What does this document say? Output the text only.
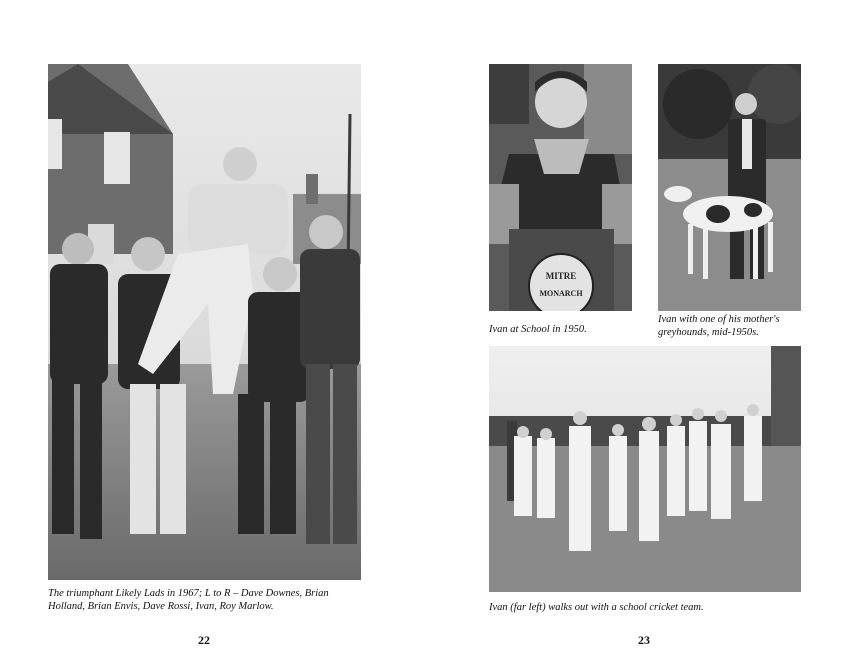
The triumphant Likely Lads in 1967; L to R – Dave Downes, Brian
Holland, Brian Envis, Dave Rossi, Ivan, Roy Marlow.
22
MITRE
MONARCH
Ivan at School in 1950.
Ivan with one of his mother's
greyhounds, mid-1950s.
Ivan (far left) walks out with a school cricket team.
23
